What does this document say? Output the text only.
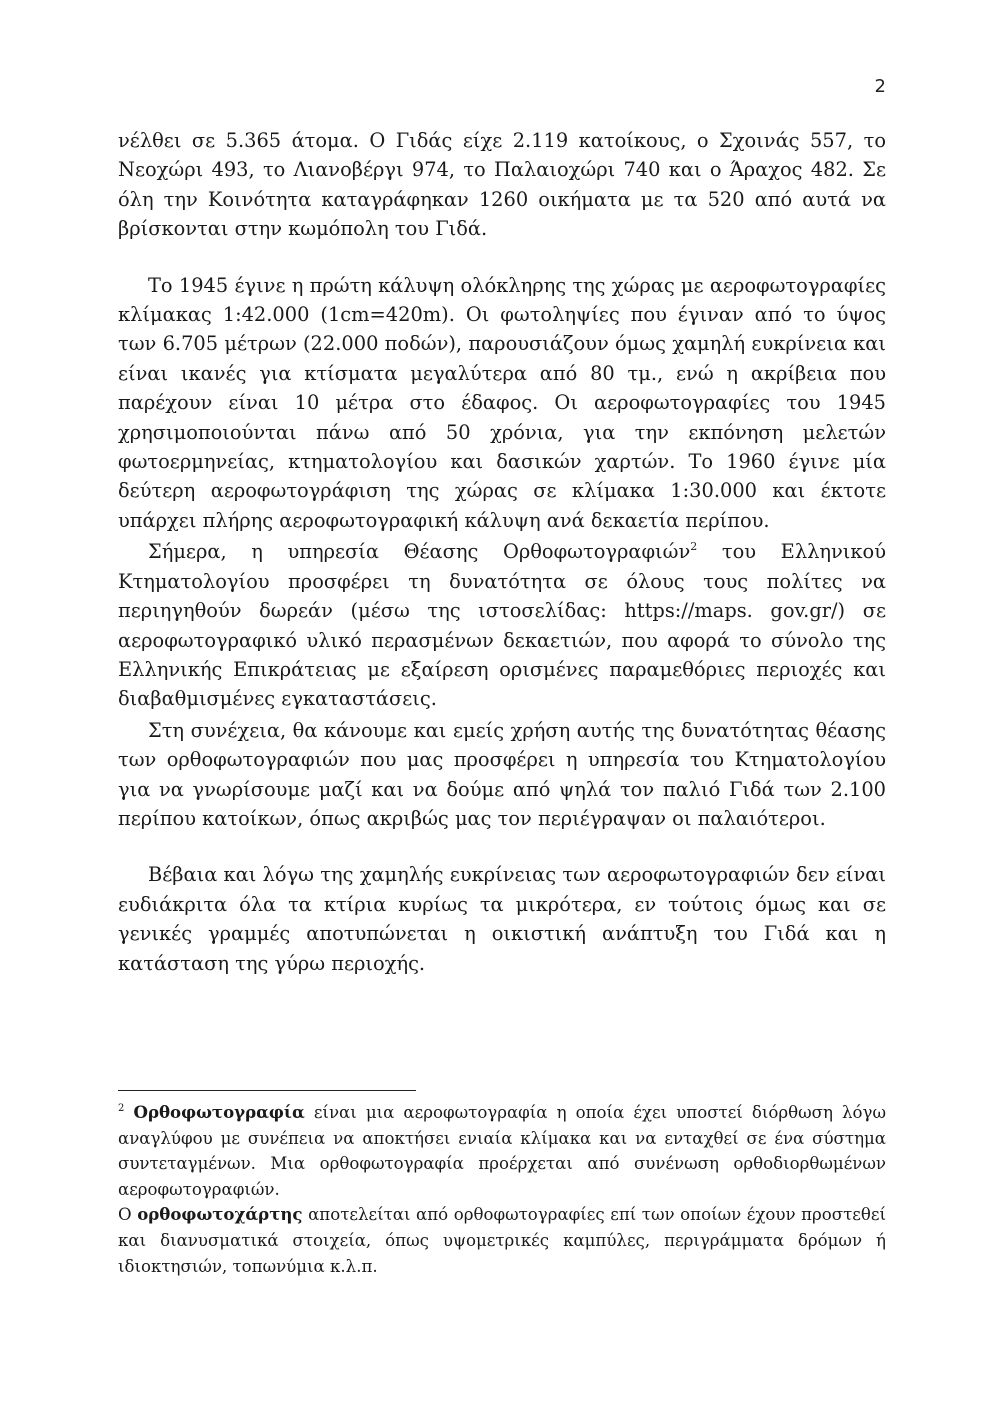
2

νέλθει σε 5.365 άτομα. Ο Γιδάς είχε 2.119 κατοίκους, ο Σχοινάς 557, το Νεοχώρι 493, το Λιανοβέργι 974, το Παλαιοχώρι 740 και ο Άραχος 482. Σε όλη την Κοινότητα καταγράφηκαν 1260 οικήματα με τα 520 από αυτά να βρίσκονται στην κωμόπολη του Γιδά.

Το 1945 έγινε η πρώτη κάλυψη ολόκληρης της χώρας με αεροφωτογραφίες κλίμακας 1:42.000 (1cm=420m). Οι φωτοληψίες που έγιναν από το ύψος των 6.705 μέτρων (22.000 ποδών), παρουσιάζουν όμως χαμηλή ευκρίνεια και είναι ικανές για κτίσματα μεγαλύτερα από 80 τμ., ενώ η ακρίβεια που παρέχουν είναι 10 μέτρα στο έδαφος. Οι αεροφωτογραφίες του 1945 χρησιμοποιούνται πάνω από 50 χρόνια, για την εκπόνηση μελετών φωτοερμηνείας, κτηματολογίου και δασικών χαρτών. Το 1960 έγινε μία δεύτερη αεροφωτογράφιση της χώρας σε κλίμακα 1:30.000 και έκτοτε υπάρχει πλήρης αεροφωτογραφική κάλυψη ανά δεκαετία περίπου.

Σήμερα, η υπηρεσία Θέασης Ορθοφωτογραφιών$^2$ του Ελληνικού Κτηματολογίου προσφέρει τη δυνατότητα σε όλους τους πολίτες να περιηγηθούν δωρεάν (μέσω της ιστοσελίδας: https://maps. gov.gr/) σε αεροφωτογραφικό υλικό περασμένων δεκαετιών, που αφορά το σύνολο της Ελληνικής Επικράτειας με εξαίρεση ορισμένες παραμεθόριες περιοχές και διαβαθμισμένες εγκαταστάσεις.

Στη συνέχεια, θα κάνουμε και εμείς χρήση αυτής της δυνατότητας θέασης των ορθοφωτογραφιών που μας προσφέρει η υπηρεσία του Κτηματολογίου για να γνωρίσουμε μαζί και να δούμε από ψηλά τον παλιό Γιδά των 2.100 περίπου κατοίκων, όπως ακριβώς μας τον περιέγραψαν οι παλαιότεροι.

Βέβαια και λόγω της χαμηλής ευκρίνειας των αεροφωτογραφιών δεν είναι ευδιάκριτα όλα τα κτίρια κυρίως τα μικρότερα, εν τούτοις όμως και σε γενικές γραμμές αποτυπώνεται η οικιστική ανάπτυξη του Γιδά και η κατάσταση της γύρω περιοχής.

$^2$ Ορθοφωτογραφία είναι μια αεροφωτογραφία η οποία έχει υποστεί διόρθωση λόγω αναγλύφου με συνέπεια να αποκτήσει ενιαία κλίμακα και να ενταχθεί σε ένα σύστημα συντεταγμένων. Μια ορθοφωτογραφία προέρχεται από συνένωση ορθοδιορθωμένων αεροφωτογραφιών.

Ο ορθοφωτοχάρτης αποτελείται από ορθοφωτογραφίες επί των οποίων έχουν προστεθεί και διανυσματικά στοιχεία, όπως υψομετρικές καμπύλες, περιγράμματα δρόμων ή ιδιοκτησιών, τοπωνύμια κ.λ.π.
